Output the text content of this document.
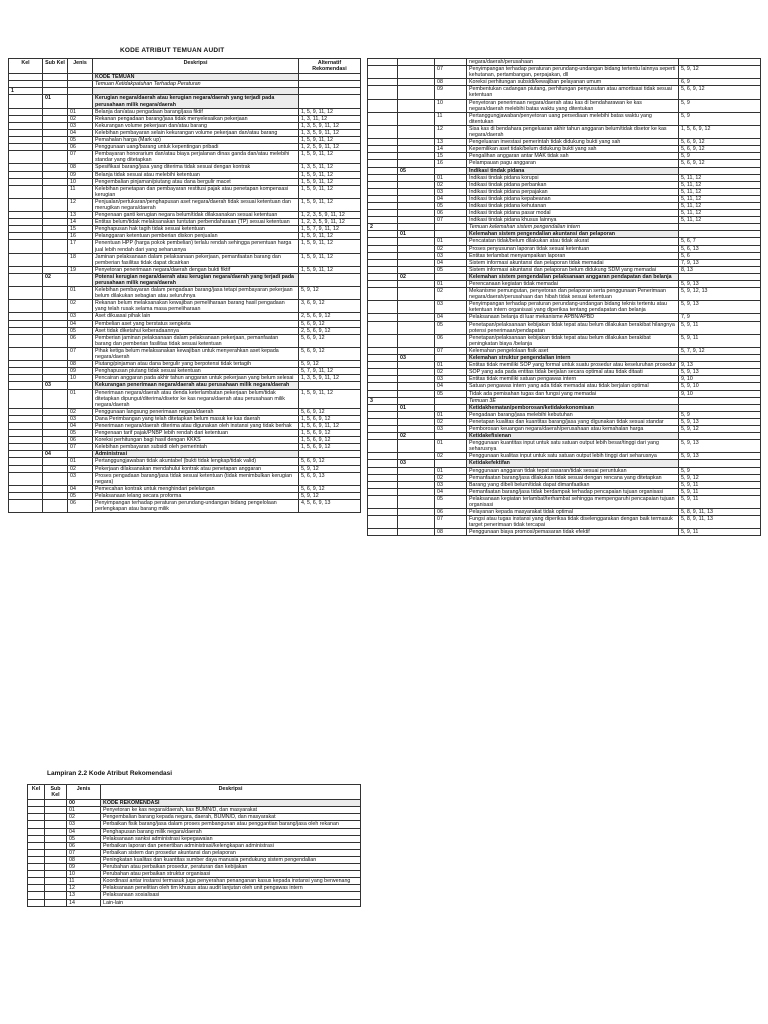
KODE ATRIBUT TEMUAN AUDIT
Kel	Sub Kel	Jenis	Deskripsi	Alternatif Rekomendasi
			KODE TEMUAN	
			Temuan Ketidakpatuhan Terhadap Peraturan	
1				
	01		Kerugian negara/daerah atau kerugian negara/daerah yang terjadi pada perusahaan milik negara/daerah	
		01	Belanja dan/atau pengadaan barang/jasa fiktif	1, 5, 9, 11, 12
		02	Rekanan pengadaan barang/jasa tidak menyelesaikan pekerjaan	1, 3, 11, 12
		03	Kekurangan volume pekerjaan dan/atau barang	1, 3, 5, 9, 11, 12
		04	Kelebihan pembayaran selain kekurangan volume pekerjaan dan/atau barang	1, 3, 5, 9, 11, 12
		05	Pemahalan harga (Mark up)	1, 5, 9, 11, 12
		06	Penggunaan uang/barang untuk kepentingan pribadi	1, 2, 5, 9, 11, 12
		07	Pembayaran honorarium dan/atau biaya perjalanan dinas ganda dan/atau melebihi standar yang ditetapkan	1, 5, 9, 11, 12
		08	Spesifikasi barang/jasa yang diterima tidak sesuai dengan kontrak	1, 3, 5, 11, 12
		09	Belanja tidak sesuai atau melebihi ketentuan	1, 5, 9, 11, 12
		10	Pengembalian pinjaman/piutang atau dana bergulir macet	1, 5, 9, 11, 12
		11	Kelebihan penetapan dan pembayaran restitusi pajak atau penetapan kompensasi kerugian	1, 5, 9, 11, 12
		12	Penjualan/pertukaran/penghapusan aset negara/daerah tidak sesuai ketentuan dan merugikan negara/daerah	1, 5, 9, 11, 12
		13	Pengenaan ganti kerugian negara belum/tidak dilaksanakan sesuai ketentuan	1, 2, 3, 5, 9, 11, 12
		14	Entitas belum/tidak melaksanakan tuntutan perbendaharaan (TP) sesuai ketentuan	1, 2, 3, 5, 9, 11, 12
		15	Penghapusan hak tagih tidak sesuai ketentuan	1, 5, 7, 9, 11, 12
		16	Pelanggaran ketentuan pemberian diskon penjualan	1, 5, 9, 11, 12
		17	Penentuan HPP (harga pokok pembelian) terlalu rendah sehingga penentuan harga jual lebih rendah dari yang seharusnya	1, 5, 9, 11, 12
		18	Jaminan pelaksanaan dalam pelaksanaan pekerjaan, pemanfaatan barang dan pemberian fasilitas tidak dapat dicairkan	1, 5, 9, 11, 12
		19	Penyetoran penerimaan negara/daerah dengan bukti fiktif	1, 5, 9, 11, 12
	02		Potensi kerugian negara/daerah atau kerugian negara/daerah yang terjadi pada perusahaan milik negara/daerah	
		01	Kelebihan pembayaran dalam pengadaan barang/jasa tetapi pembayaran pekerjaan belum dilakukan sebagian atau seluruhnya	5, 9, 12
		02	Rekanan belum melaksanakan kewajiban pemeliharaan barang hasil pengadaan yang telah rusak selama masa pemeliharaan	3, 6, 9, 12
		03	Aset dikuasai pihak lain	2, 5, 6, 9, 12
		04	Pembelian aset yang berstatus sengketa	5, 6, 9, 12
		05	Aset tidak diketahui keberadaannya	2, 5, 6, 9, 12
		06	Pemberian jaminan pelaksanaan dalam pelaksanaan pekerjaan, pemanfaatan barang dan pemberian fasilitas tidak sesuai ketentuan	5, 6, 9, 12
		07	Pihak ketiga belum melaksanakan kewajiban untuk menyerahkan aset kepada negara/daerah	5, 6, 9, 12
		08	Piutang/pinjaman atau dana bergulir yang berpotensi tidak tertagih	5, 9, 12
		09	Penghapusan piutang tidak sesuai ketentuan	5, 7, 9, 11, 12
		10	Pencairan anggaran pada akhir tahun anggaran untuk pekerjaan yang belum selesai	1, 3, 5, 9, 11, 12
	03		Kekurangan penerimaan negara/daerah atau perusahaan milik negara/daerah	
		01	Penerimaan negara/daerah atau denda keterlambatan pekerjaan belum/tidak ditetapkan dipungut/diterima/disetor ke kas negara/daerah atau perusahaan milik negara/daerah	1, 5, 9, 11, 12
		02	Penggunaan langsung penerimaan negara/daerah	5, 6, 9, 12
		03	Dana Perimbangan yang telah ditetapkan belum masuk ke kas daerah	1, 5, 6, 9, 12
		04	Penerimaan negara/daerah diterima atau digunakan oleh instansi yang tidak berhak	1, 5, 6, 9, 11, 12
		05	Pengenaan tarif pajak/PNBP lebih rendah dari ketentuan	1, 5, 6, 9, 12
		06	Koreksi perhitungan bagi hasil dengan KKKS	1, 5, 6, 9, 12
		07	Kelebihan pembayaran subsidi oleh pemerintah	1, 5, 6, 9, 12
	04		Administrasi	
		01	Pertanggungjawaban tidak akuntabel (bukti tidak lengkap/tidak valid)	5, 6, 9, 12
		02	Pekerjaan dilaksanakan mendahului kontrak atau penetapan anggaran	5, 9, 12
		03	Proses pengadaan barang/jasa tidak sesuai ketentuan (tidak menimbulkan kerugian negara)	5, 6, 9, 13
		04	Pemecahan kontrak untuk menghindari pelelangan	5, 6, 9, 12
		05	Pelaksanaan lelang secara proforma	5, 9, 12
		06	Penyimpangan terhadap peraturan perundang-undangan bidang pengelolaan perlengkapan atau barang milik	4, 5, 6, 9, 13
			negara/daerah/perusahaan	
		07	Penyimpangan terhadap peraturan perundang-undangan bidang tertentu lainnya seperti kehutanan, pertambangan, perpajakan, dll	5, 9, 12
		08	Koreksi perhitungan subsidi/kewajiban pelayanan umum	6, 9
		09	Pembentukan cadangan piutang, perhitungan penyusutan atau amortisasi tidak sesuai ketentuan	5, 6, 9, 12
		10	Penyetoran penerimaan negara/daerah atau kas di bendaharawan ke kas negara/daerah melebihi batas waktu yang ditentukan	5, 9
		11	Pertanggungjawaban/penyetoran uang persediaan melebihi batas waktu yang ditentukan	5, 9
		12	Sisa kas di bendahara pengeluaran akhir tahun anggaran belum/tidak disetor ke kas negara/daerah	1, 5, 6, 9, 12
		13	Pengeluaran investasi pemerintah tidak didukung bukti yang sah	5, 6, 9, 12
		14	Kepemilikan aset tidak/belum didukung bukti yang sah	5, 6, 9, 12
		15	Pengalihan anggaran antar MAK tidak sah	5, 9
		16	Pelampauan pagu anggaran	5, 6, 9, 12
	05		Indikasi tindak pidana	
		01	Indikasi tindak pidana korupsi	5, 11, 12
		02	Indikasi tindak pidana perbankan	5, 11, 12
		03	Indikasi tindak pidana perpajakan	5, 11, 12
		04	Indikasi tindak pidana kepabeanan	5, 11, 12
		05	Indikasi tindak pidana kehutanan	5, 11, 12
		06	Indikasi tindak pidana pasar modal	5, 11, 12
		07	Indikasi tindak pidana khusus lainnya	5, 11, 12
2			Temuan kelemahan sistem pengendalian intern	
	01		Kelemahan sistem pengendalian akuntansi dan pelaporan	
		01	Pencatatan tidak/belum dilakukan atau tidak akurat	5, 6, 7
		02	Proses penyusunan laporan tidak sesuai ketentuan	5, 6, 13
		03	Entitas terlambat menyampaikan laporan	5, 6
		04	Sistem informasi akuntansi dan pelaporan tidak memadai	7, 9, 13
		05	Sistem informasi akuntansi dan pelaporan belum didukung SDM yang memadai	8, 13
	02		Kelemahan sistem pengendalian pelaksanaan anggaran pendapatan dan belanja	
		01	Perencanaan kegiatan tidak memadai	5, 9, 13
		02	Mekanisme pemungutan, penyetoran dan pelaporan serta penggunaan Penerimaan negara/daerah/perusahaan dan hibah tidak sesuai ketentuan	5, 9, 12, 13
		03	Penyimpangan terhadap peraturan perundang-undangan bidang teknis tertentu atau ketentuan intern organisasi yang diperiksa tentang pendapatan dan belanja	5, 9, 13
		04	Pelaksanaan belanja di luar mekanisme APBN/APBD	7, 9
		05	Penetapan/pelaksanaan kebijakan tidak tepat atau belum dilakukan berakibat hilangnya potensi penerimaan/pendapatan	5, 9, 11
		06	Penetapan/pelaksanaan kebijakan tidak tepat atau belum dilakukan berakibat peningkatan biaya /belanja	5, 9, 11
		07	Kelemahan pengelolaan fisik aset	5, 7, 9, 12
	03		Kelemahan struktur pengendalian intern	
		01	Entitas tidak memiliki SOP yang formal untuk suatu prosedur atau keseluruhan prosedur	9, 13
		02	SOP yang ada pada entitas tidak berjalan secara optimal atau tidak ditaati	5, 9, 13
		03	Entitas tidak memiliki satuan pengawas intern	9, 10
		04	Satuan pengawas intern yang ada tidak memadai atau tidak berjalan optimal	5, 9, 10
		05	Tidak ada pemisahan tugas dan fungsi yang memadai	9, 10
3			Temuan 3E	
	01		Ketidakhematan/pemborosan/ketidakekonomisan	
		01	Pengadaan barang/jasa melebihi kebutuhan	5, 9
		02	Penetapan kualitas dan kuantitas barang/jasa yang digunakan tidak sesuai standar	5, 9, 13
		03	Pemborosan keuangan negara/daerah/perusahaan atau kemahalan harga	5, 9, 12
	02		Ketidakefisienan	
		01	Penggunaan kuantitas input untuk satu satuan output lebih besar/tinggi dari yang seharusnya	5, 9, 13
		02	Penggunaan kualitas input untuk satu satuan output lebih tinggi dari seharusnya	5, 9, 13
	03		Ketidakefektifan	
		01	Penggunaan anggaran tidak tepat sasaran/tidak sesuai peruntukan	5, 9
		02	Pemanfaatan barang/jasa dilakukan tidak sesuai dengan rencana yang ditetapkan	5, 9, 12
		03	Barang yang dibeli belum/tidak dapat dimanfaatkan	5, 9, 11
		04	Pemanfaatan barang/jasa tidak berdampak terhadap pencapaian tujuan organisasi	5, 9, 11
		05	Pelaksanaan kegiatan terlambat/terhambat sehingga mempengaruhi pencapaian tujuan organisasi	5, 9, 11
		06	Pelayanan kepada masyarakat tidak optimal	5, 8, 9, 11, 13
		07	Fungsi atau tugas instansi yang diperiksa tidak diselenggarakan dengan baik termasuk target penerimaan tidak tercapai	5, 8, 9, 11, 13
		08	Penggunaan biaya promosi/pemasaran tidak efektif	5, 9, 11
Lampiran 2.2 Kode Atribut Rekomendasi
Kel	Sub Kel	Jenis	Deskripsi
		00	KODE REKOMENDASI
		01	Penyetoran ke kas negara/daerah, kas BUMN/D, dan masyarakat
		02	Pengembalian barang kepada negara, daerah, BUMN/D, dan masyarakat
		03	Perbaikan fisik barang/jasa dalam proses pembangunan atau penggantian barang/jasa oleh rekanan
		04	Penghapusan barang milik negara/daerah
		05	Pelaksanaan sanksi administrasi kepegawaian
		06	Perbaikan laporan dan penertiban administrasi/kelengkapan administrasi
		07	Perbaikan sistem dan prosedur akuntansi dan pelaporan
		08	Peningkatan kualitas dan kuantitas sumber daya manusia pendukung sistem pengendalian
		09	Perubahan atau perbaikan prosedur, peraturan dan kebijakan
		10	Perubahan atau perbaikan struktur organisasi
		11	Koordinasi antar instansi termasuk juga penyerahan penanganan kasus kepada instansi yang berwenang
		12	Pelaksanaan penelitian oleh tim khusus atau audit lanjutan oleh unit pengawas intern
		13	Pelaksanaan sosialisasi
		14	Lain-lain
